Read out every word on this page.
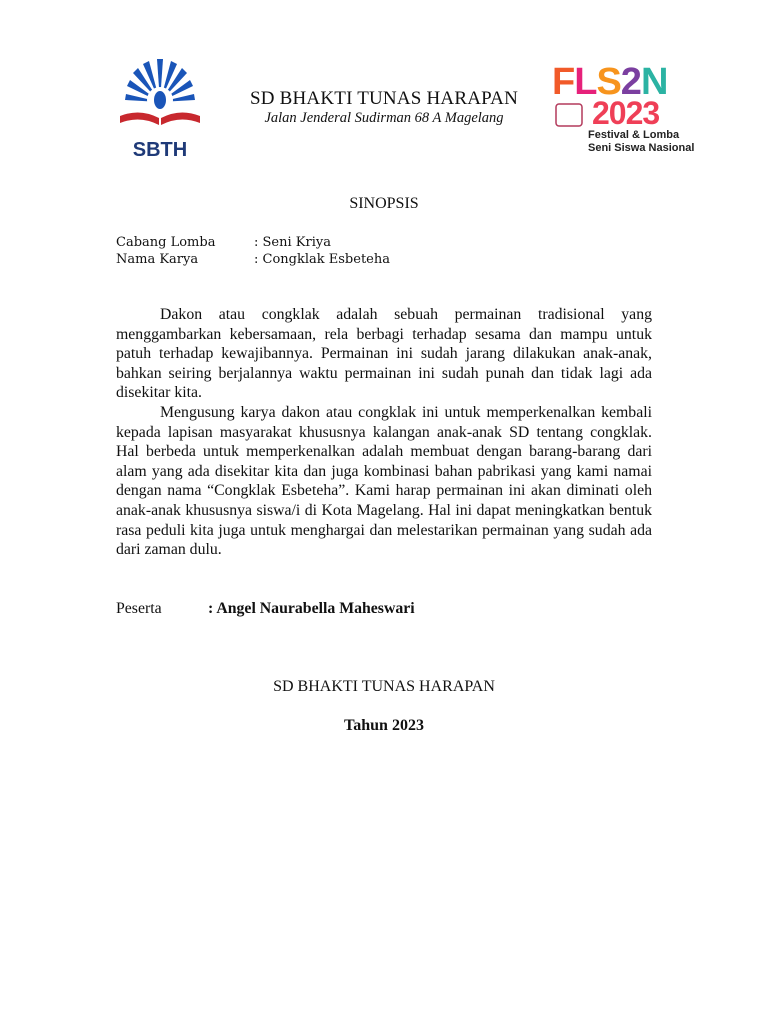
SBTH
SD BHAKTI TUNAS HARAPAN
Jalan Jenderal Sudirman 68 A Magelang
FLS2N
2023
Festival & Lomba
Seni Siswa Nasional
SINOPSIS
Cabang Lomba	: Seni Kriya
Nama Karya	: Congklak Esbeteha

Dakon atau congklak adalah sebuah permainan tradisional yang menggambarkan kebersamaan, rela berbagi terhadap sesama dan mampu untuk patuh terhadap kewajibannya. Permainan ini sudah jarang dilakukan anak-anak, bahkan seiring berjalannya waktu permainan ini sudah punah dan tidak lagi ada disekitar kita.

Mengusung karya dakon atau congklak ini untuk memperkenalkan kembali kepada lapisan masyarakat khususnya kalangan anak-anak SD tentang congklak. Hal berbeda untuk memperkenalkan adalah membuat dengan barang-barang dari alam yang ada disekitar kita dan juga kombinasi bahan pabrikasi yang kami namai dengan nama “Congklak Esbeteha”. Kami harap permainan ini akan diminati oleh anak-anak khususnya siswa/i di Kota Magelang. Hal ini dapat meningkatkan bentuk rasa peduli kita juga untuk menghargai dan melestarikan permainan yang sudah ada dari zaman dulu.

Peserta	: Angel Naurabella Maheswari
SD BHAKTI TUNAS HARAPAN
Tahun 2023
